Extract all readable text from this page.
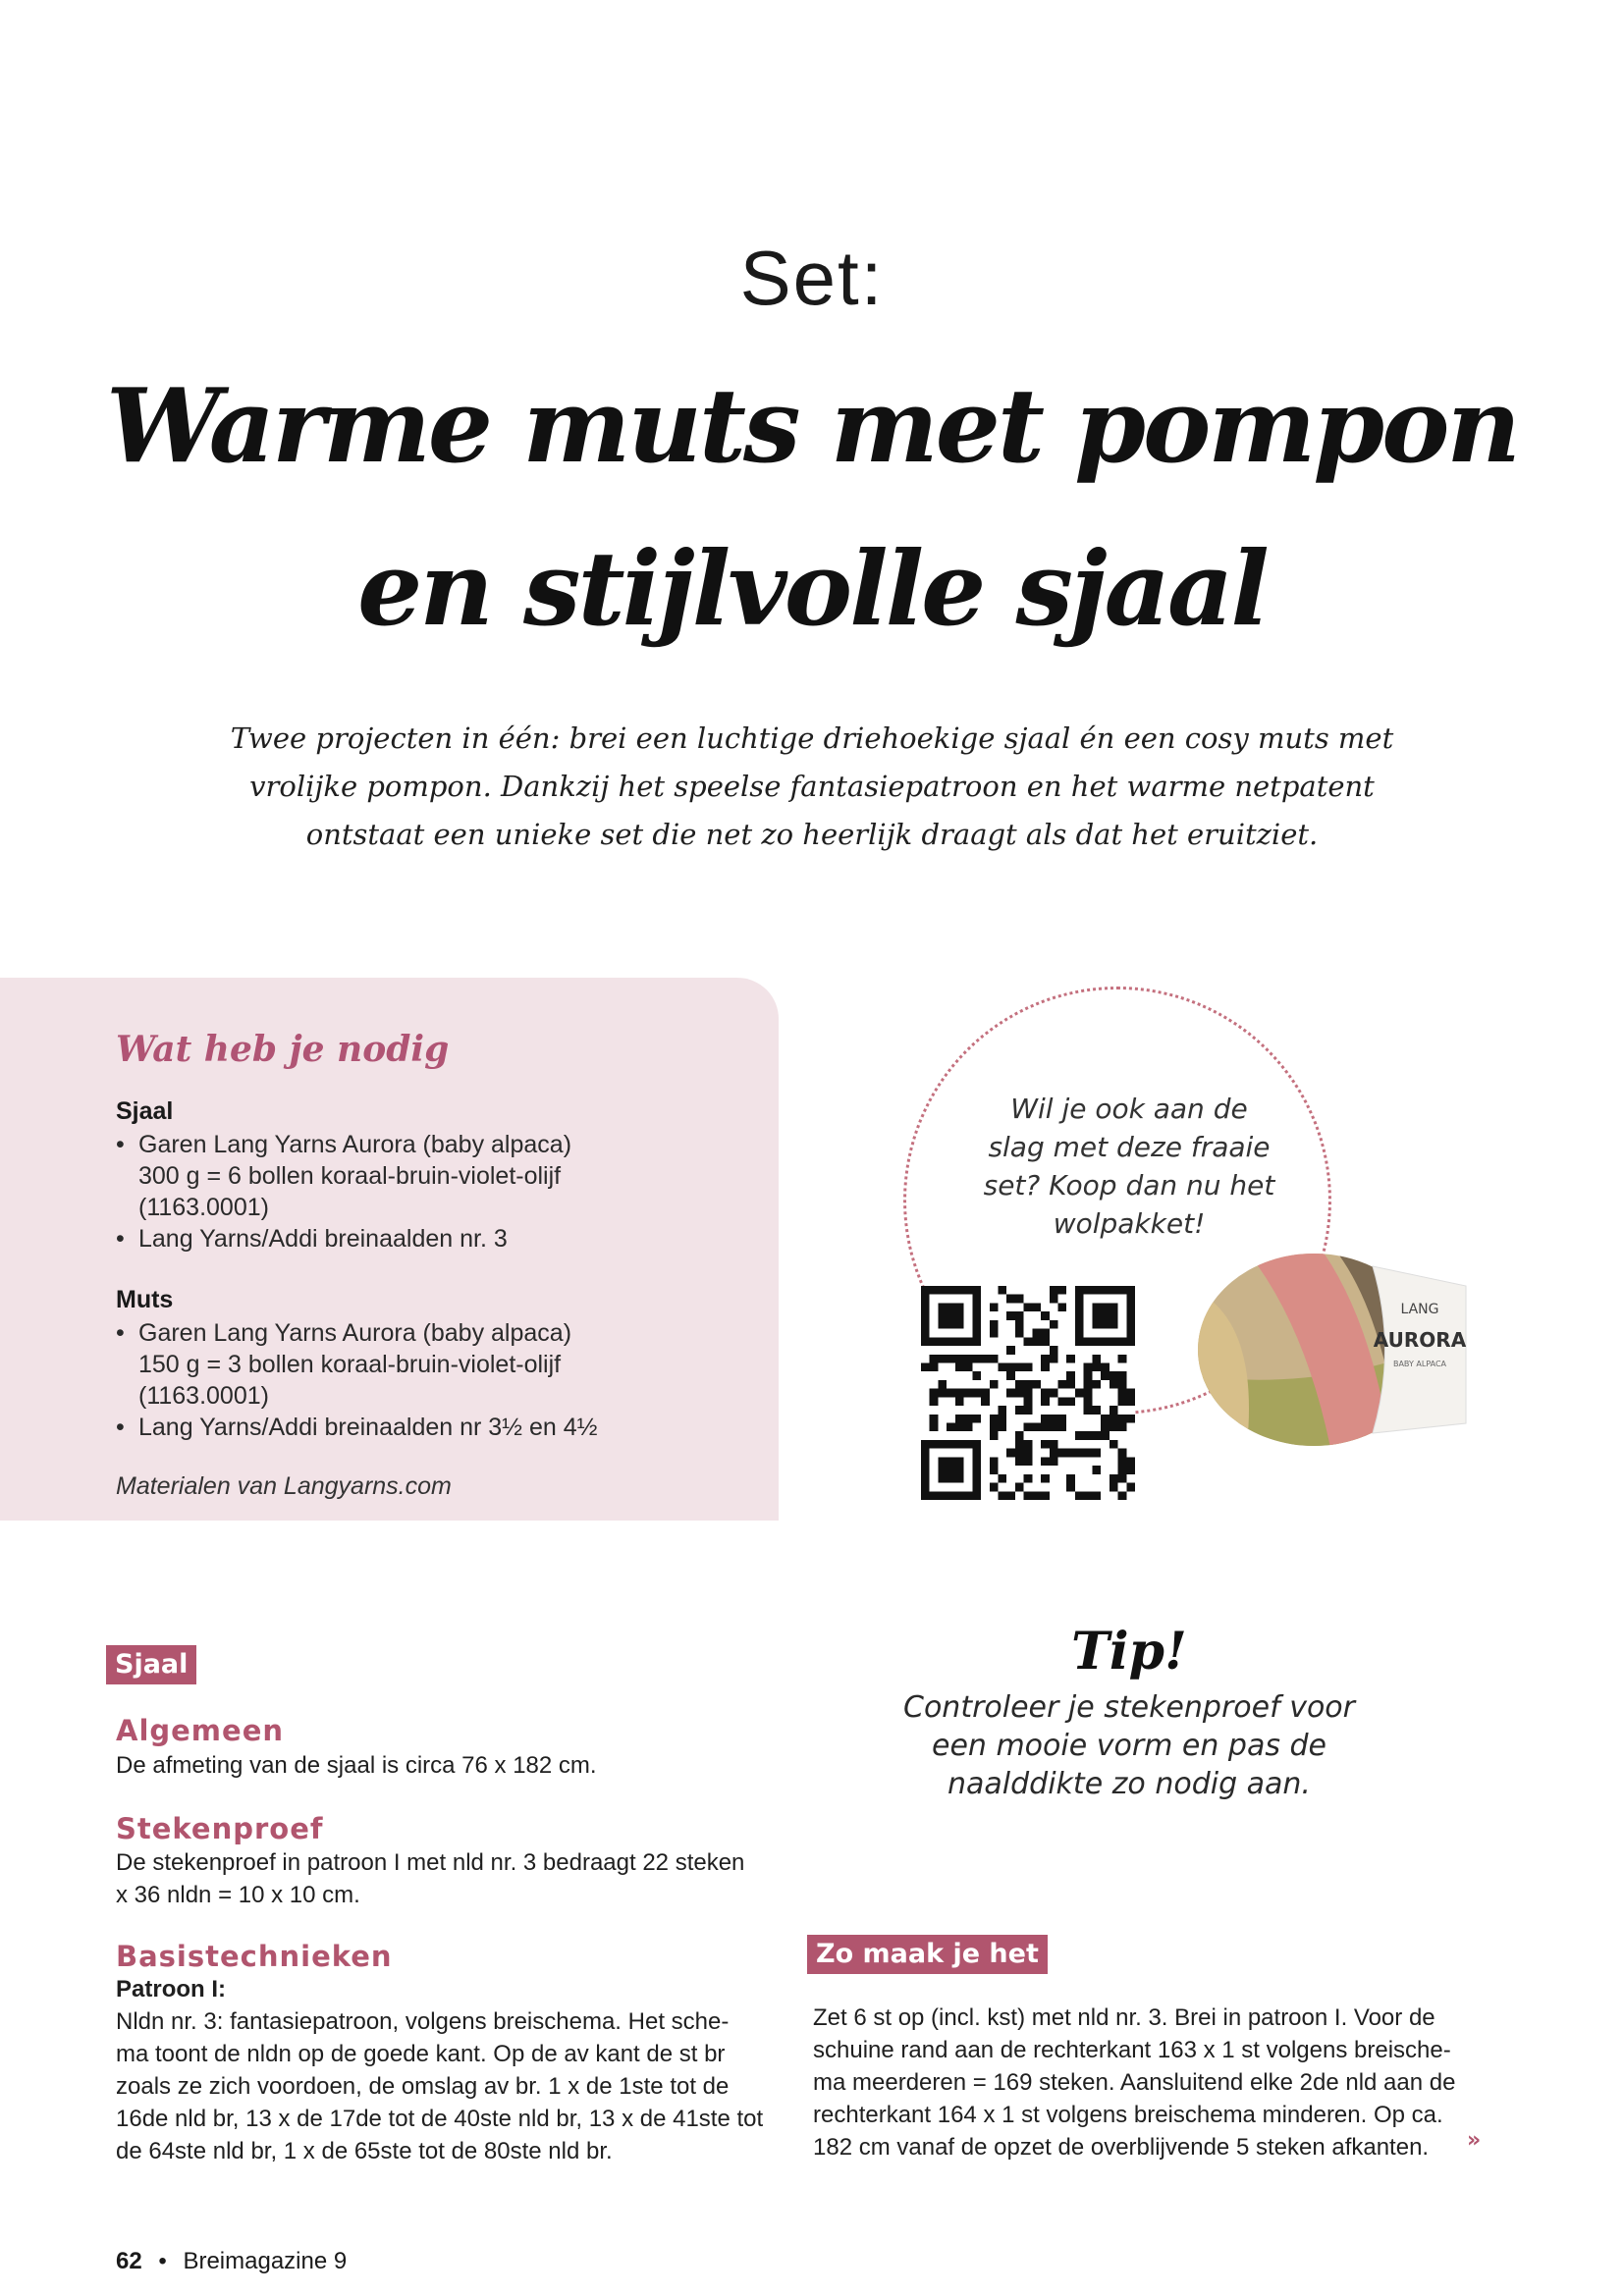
Set:
Warme muts met pompon
en stijlvolle sjaal
Twee projecten in één: brei een luchtige driehoekige sjaal én een cosy muts met
vrolijke pompon. Dankzij het speelse fantasiepatroon en het warme netpatent
ontstaat een unieke set die net zo heerlijk draagt als dat het eruitziet.
Wat heb je nodig
Sjaal
• Garen Lang Yarns Aurora (baby alpaca)
300 g = 6 bollen koraal-bruin-violet-olijf
(1163.0001)
• Lang Yarns/Addi breinaalden nr. 3
Muts
• Garen Lang Yarns Aurora (baby alpaca)
150 g = 3 bollen koraal-bruin-violet-olijf
(1163.0001)
• Lang Yarns/Addi breinaalden nr 3½ en 4½
Materialen van Langyarns.com
Wil je ook aan de
slag met deze fraaie
set? Koop dan nu het
wolpakket!
LANG
AURORA
BABY ALPACA
Sjaal
Algemeen
De afmeting van de sjaal is circa 76 x 182 cm.
Stekenproef
De stekenproef in patroon I met nld nr. 3 bedraagt 22 steken
x 36 nldn = 10 x 10 cm.
Basistechnieken
Patroon I:
Nldn nr. 3: fantasiepatroon, volgens breischema. Het sche-
ma toont de nldn op de goede kant. Op de av kant de st br
zoals ze zich voordoen, de omslag av br. 1 x de 1ste tot de
16de nld br, 13 x de 17de tot de 40ste nld br, 13 x de 41ste tot
de 64ste nld br, 1 x de 65ste tot de 80ste nld br.
Tip!
Controleer je stekenproef voor
een mooie vorm en pas de
naalddikte zo nodig aan.
Zo maak je het
Zet 6 st op (incl. kst) met nld nr. 3. Brei in patroon I. Voor de
schuine rand aan de rechterkant 163 x 1 st volgens breische-
ma meerderen = 169 steken. Aansluitend elke 2de nld aan de
rechterkant 164 x 1 st volgens breischema minderen. Op ca.
182 cm vanaf de opzet de overblijvende 5 steken afkanten.	»
62 • Breimagazine 9
